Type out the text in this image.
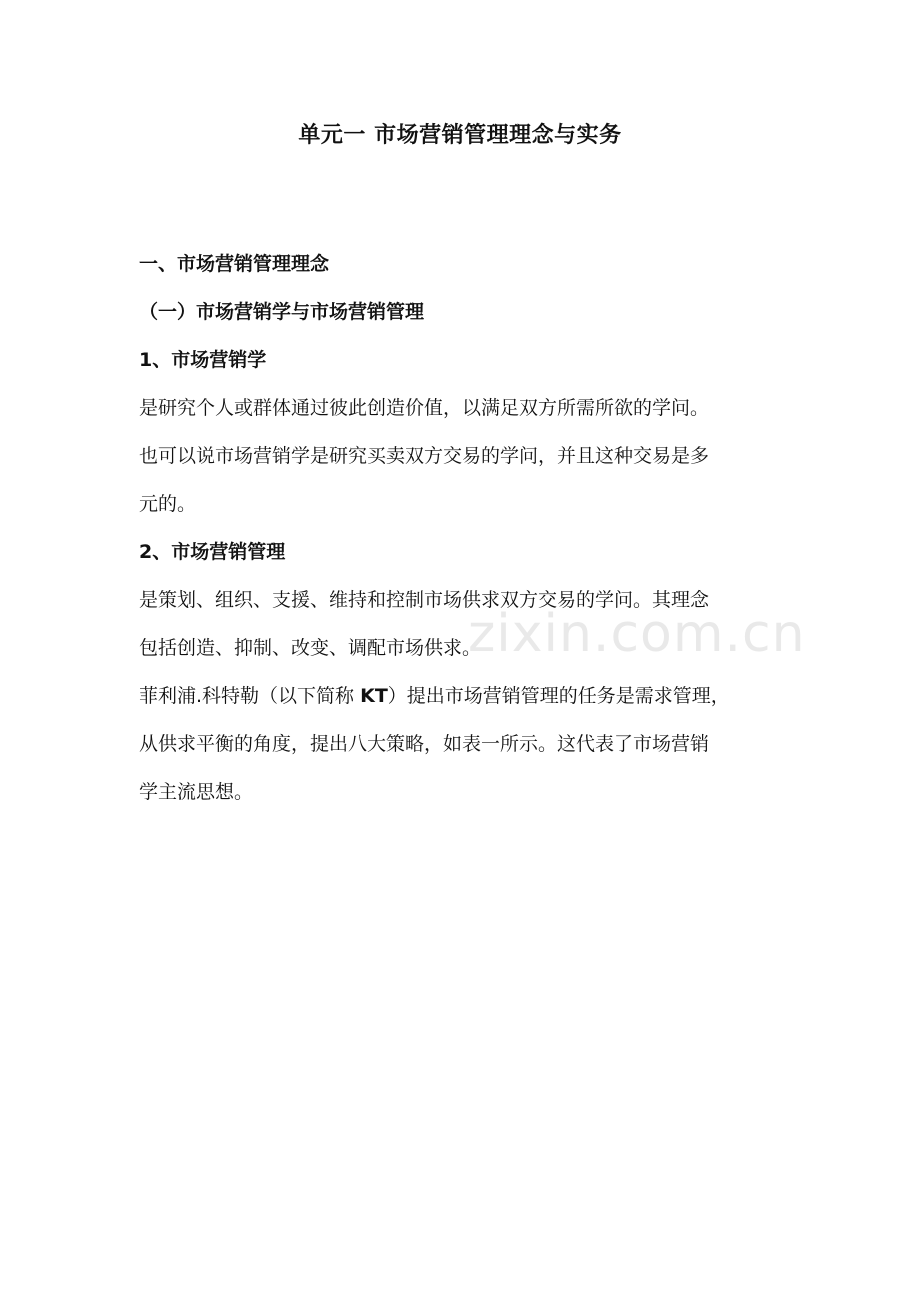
单元一 市场营销管理理念与实务
一、市场营销管理理念
（一）市场营销学与市场营销管理
1、市场营销学
是研究个人或群体通过彼此创造价值，以满足双方所需所欲的学问。
也可以说市场营销学是研究买卖双方交易的学问，并且这种交易是多
元的。
2、市场营销管理
是策划、组织、支援、维持和控制市场供求双方交易的学问。其理念
包括创造、抑制、改变、调配市场供求。
菲利浦.科特勒（以下简称 KT）提出市场营销管理的任务是需求管理，
从供求平衡的角度，提出八大策略，如表一所示。这代表了市场营销
学主流思想。
zixin.com.cn
